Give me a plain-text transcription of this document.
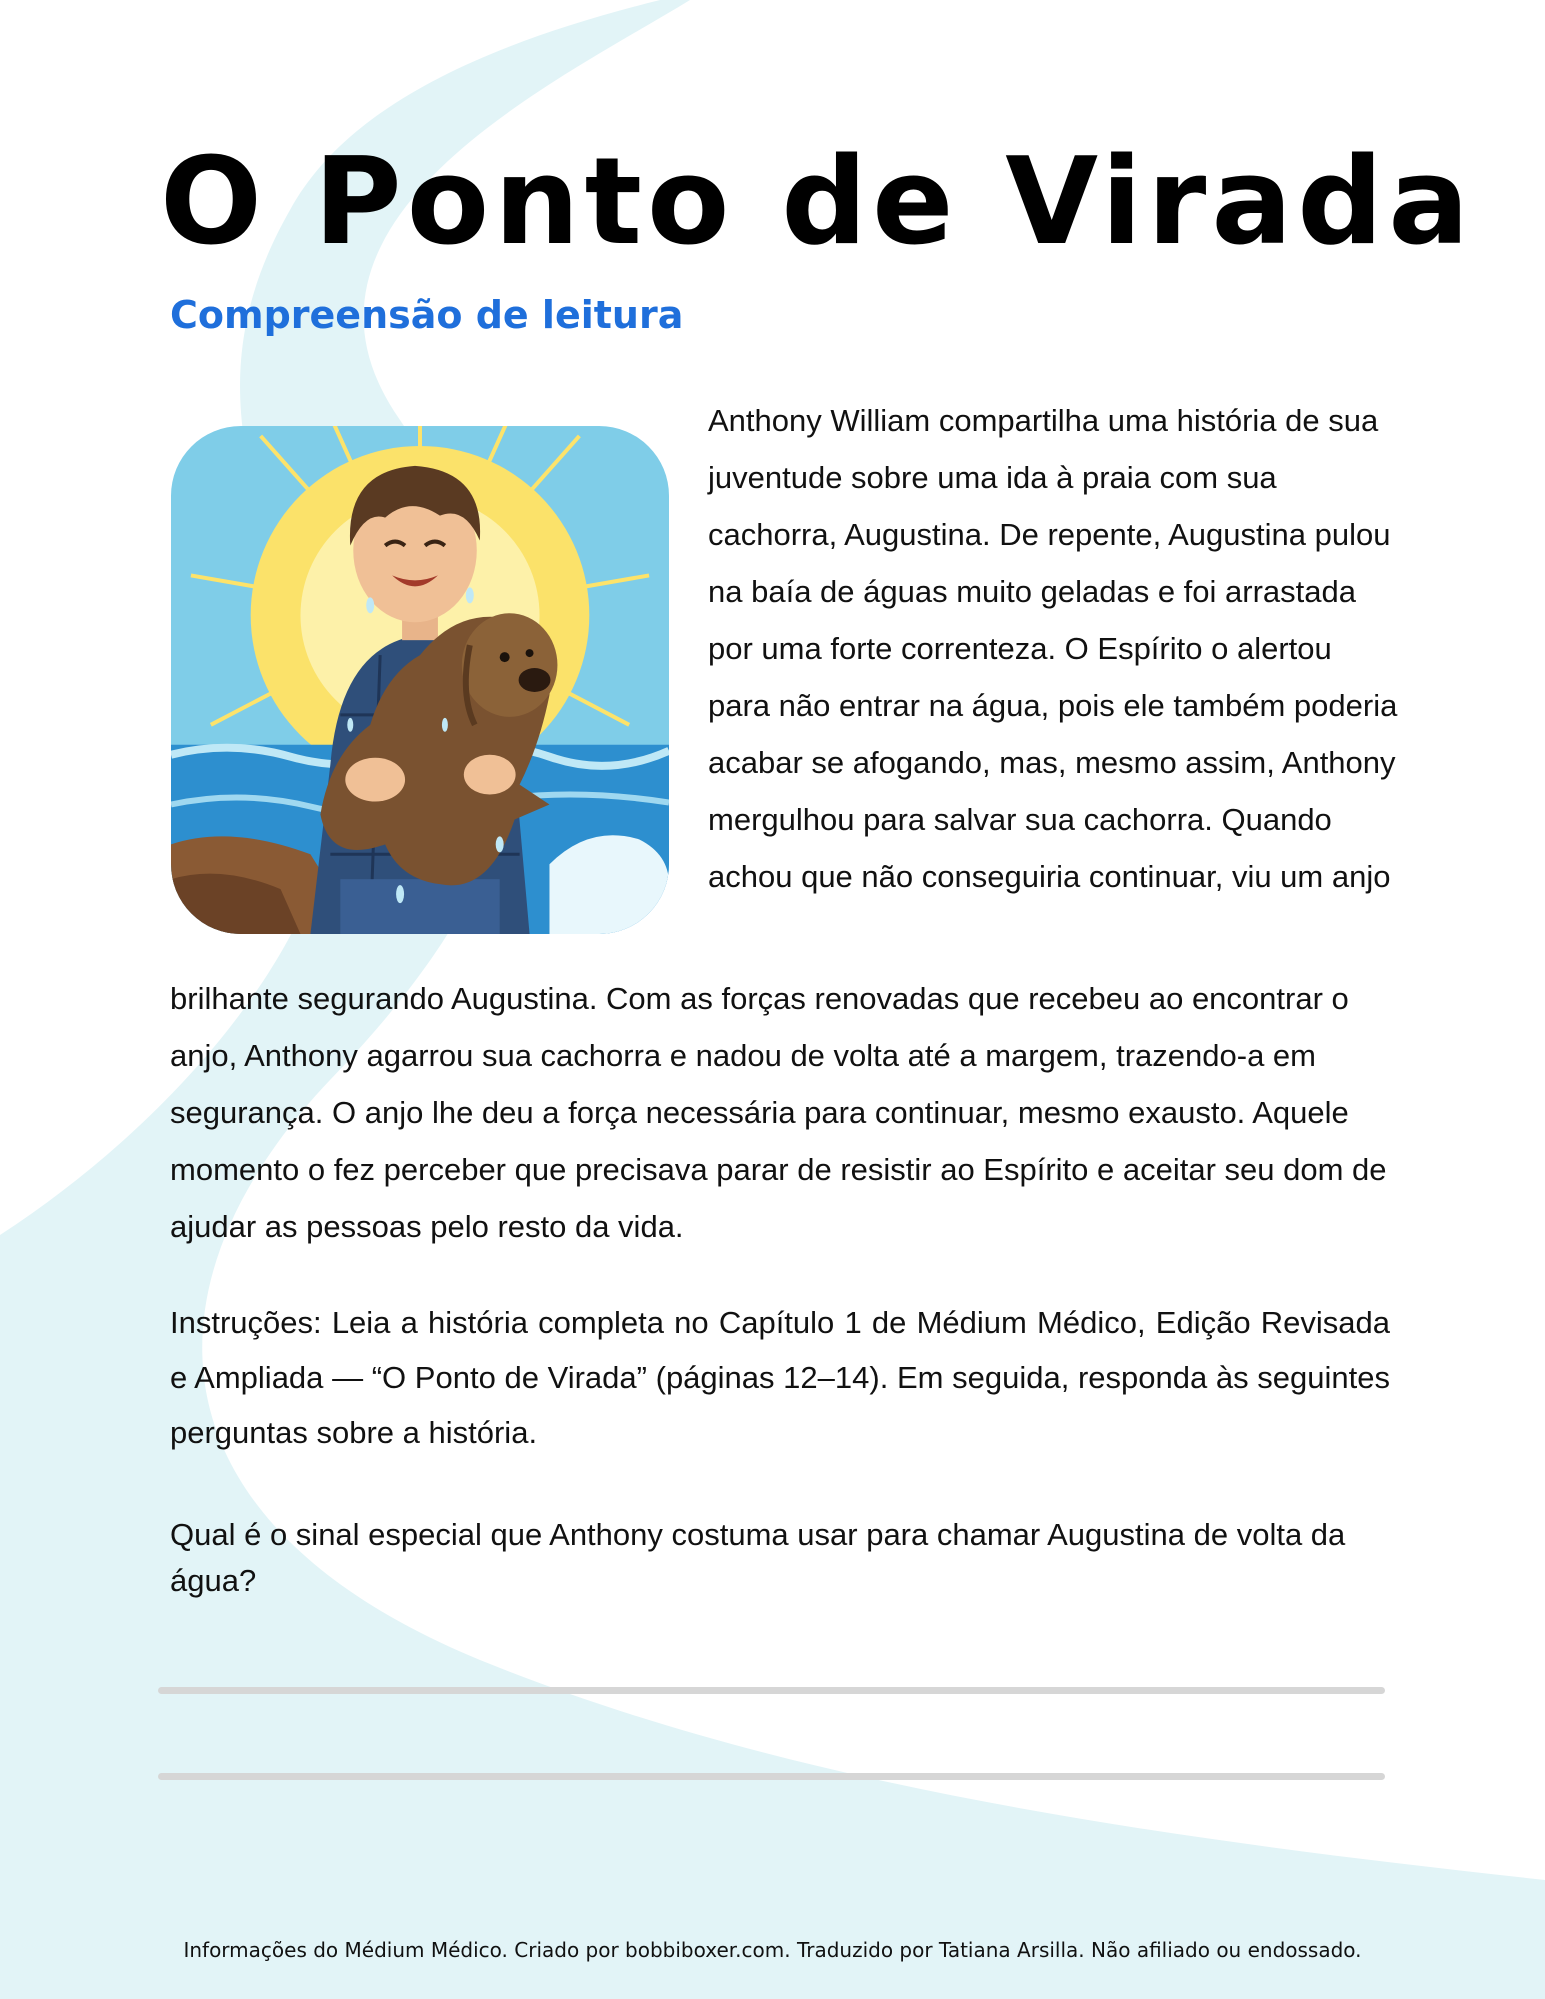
O Ponto de Virada
Compreensão de leitura

Anthony William compartilha uma história de sua juventude sobre uma ida à praia com sua cachorra, Augustina. De repente, Augustina pulou na baía de águas muito geladas e foi arrastada por uma forte correnteza. O Espírito o alertou para não entrar na água, pois ele também poderia acabar se afogando, mas, mesmo assim, Anthony mergulhou para salvar sua cachorra. Quando achou que não conseguiria continuar, viu um anjo

brilhante segurando Augustina. Com as forças renovadas que recebeu ao encontrar o anjo, Anthony agarrou sua cachorra e nadou de volta até a margem, trazendo-a em segurança. O anjo lhe deu a força necessária para continuar, mesmo exausto. Aquele momento o fez perceber que precisava parar de resistir ao Espírito e aceitar seu dom de ajudar as pessoas pelo resto da vida.

Instruções: Leia a história completa no Capítulo 1 de Médium Médico, Edição Revisada e Ampliada — “O Ponto de Virada” (páginas 12–14). Em seguida, responda às seguintes perguntas sobre a história.

Qual é o sinal especial que Anthony costuma usar para chamar Augustina de volta da água?

Informações do Médium Médico. Criado por bobbiboxer.com. Traduzido por Tatiana Arsilla. Não afiliado ou endossado.
